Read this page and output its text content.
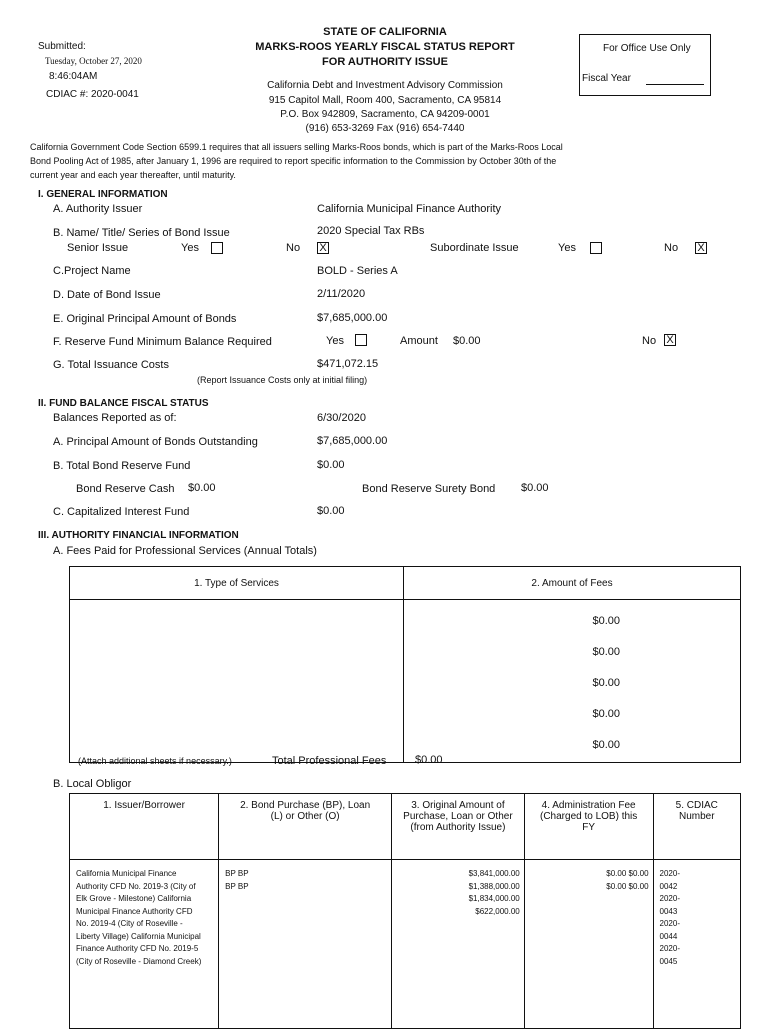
Submitted:
Tuesday, October 27, 2020
8:46:04AM
CDIAC #: 2020-0041
STATE OF CALIFORNIA
MARKS-ROOS YEARLY FISCAL STATUS REPORT
FOR AUTHORITY ISSUE
California Debt and Investment Advisory Commission
915 Capitol Mall, Room 400, Sacramento, CA 95814
P.O. Box 942809, Sacramento, CA 94209-0001
(916) 653-3269 Fax (916) 654-7440
For Office Use Only
Fiscal Year
California Government Code Section 6599.1 requires that all issuers selling Marks-Roos bonds, which is part of the Marks-Roos Local
Bond Pooling Act of 1985, after January 1, 1996 are required to report specific information to the Commission by October 30th of the
current year and each year thereafter, until maturity.
I. GENERAL INFORMATION
A. Authority Issuer	California Municipal Finance Authority
B. Name/ Title/ Series of Bond Issue	2020 Special Tax RBs
Senior Issue	Yes	No X	Subordinate Issue	Yes	No X
C.Project Name	BOLD - Series A
D. Date of Bond Issue	2/11/2020
E. Original Principal Amount of Bonds	$7,685,000.00
F. Reserve Fund Minimum Balance Required	Yes	Amount $0.00	No X
G. Total Issuance Costs	$471,072.15
(Report Issuance Costs only at initial filing)
II. FUND BALANCE FISCAL STATUS
Balances Reported as of:	6/30/2020
A. Principal Amount of Bonds Outstanding	$7,685,000.00
B. Total Bond Reserve Fund	$0.00
Bond Reserve Cash $0.00	Bond Reserve Surety Bond $0.00
C. Capitalized Interest Fund	$0.00
III. AUTHORITY FINANCIAL INFORMATION
A. Fees Paid for Professional Services (Annual Totals)
1. Type of Services	2. Amount of Fees

	$0.00
$0.00
$0.00
$0.00
$0.00
(Attach additional sheets if necessary.)	Total Professional Fees	$0.00
B. Local Obligor
1. Issuer/Borrower	2. Bond Purchase (BP), Loan (L) or Other (O)	3. Original Amount of Purchase, Loan or Other (from Authority Issue)	4. Administration Fee (Charged to LOB) this FY	5. CDIAC Number
California Municipal Finance Authority CFD No. 2019-3 (City of Elk Grove - Milestone) California Municipal Finance Authority CFD No. 2019-4 (City of Roseville - Liberty Village) California Municipal Finance Authority CFD No. 2019-5 (City of Roseville - Diamond Creek)	BP BP BP BP	$3,841,000.00 $1,388,000.00 $1,834,000.00 $622,000.00	$0.00 $0.00 $0.00 $0.00	2020-0042 2020-0043 2020-0044 2020-0045
